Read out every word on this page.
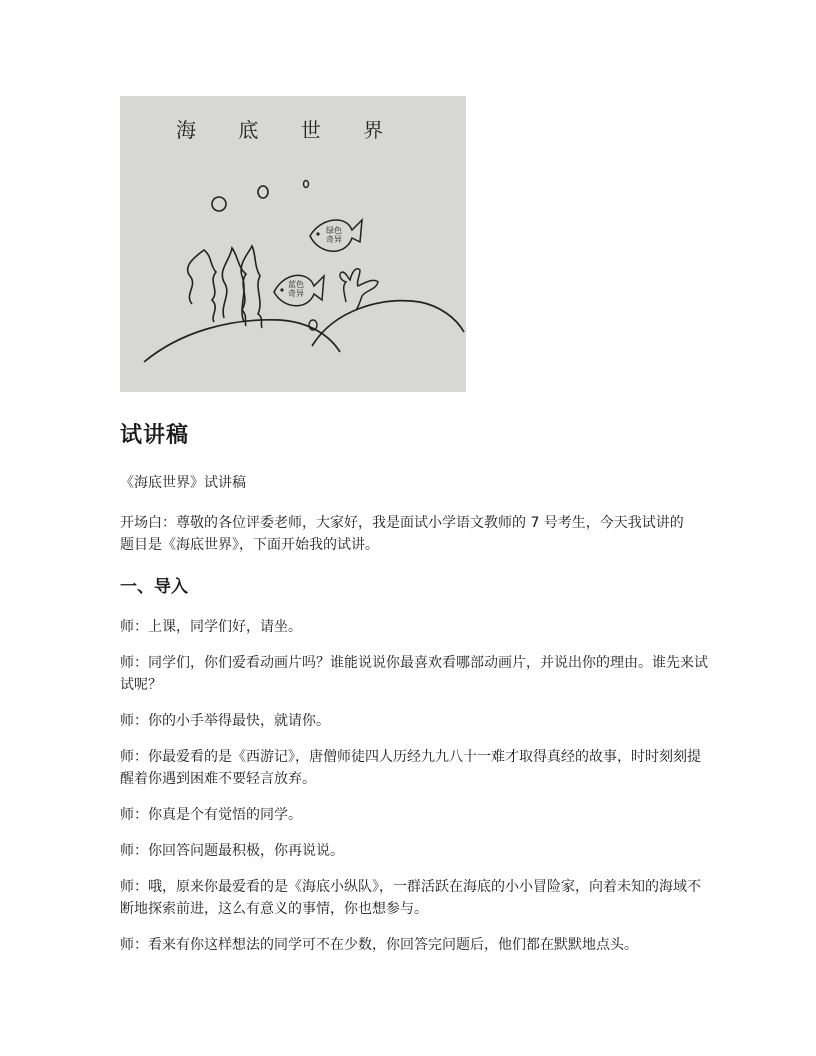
海 底 世 界
绿色奇异
蓝色奇异
试讲稿

《海底世界》试讲稿

开场白：尊敬的各位评委老师，大家好，我是面试小学语文教师的 7 号考生，今天我试讲的题目是《海底世界》，下面开始我的试讲。

一、导入

师：上课，同学们好，请坐。

师：同学们，你们爱看动画片吗？谁能说说你最喜欢看哪部动画片，并说出你的理由。谁先来试试呢？

师：你的小手举得最快，就请你。

师：你最爱看的是《西游记》，唐僧师徒四人历经九九八十一难才取得真经的故事，时时刻刻提醒着你遇到困难不要轻言放弃。

师：你真是个有觉悟的同学。

师：你回答问题最积极，你再说说。

师：哦，原来你最爱看的是《海底小纵队》，一群活跃在海底的小小冒险家，向着未知的海域不断地探索前进，这么有意义的事情，你也想参与。

师：看来有你这样想法的同学可不在少数，你回答完问题后，他们都在默默地点头。
